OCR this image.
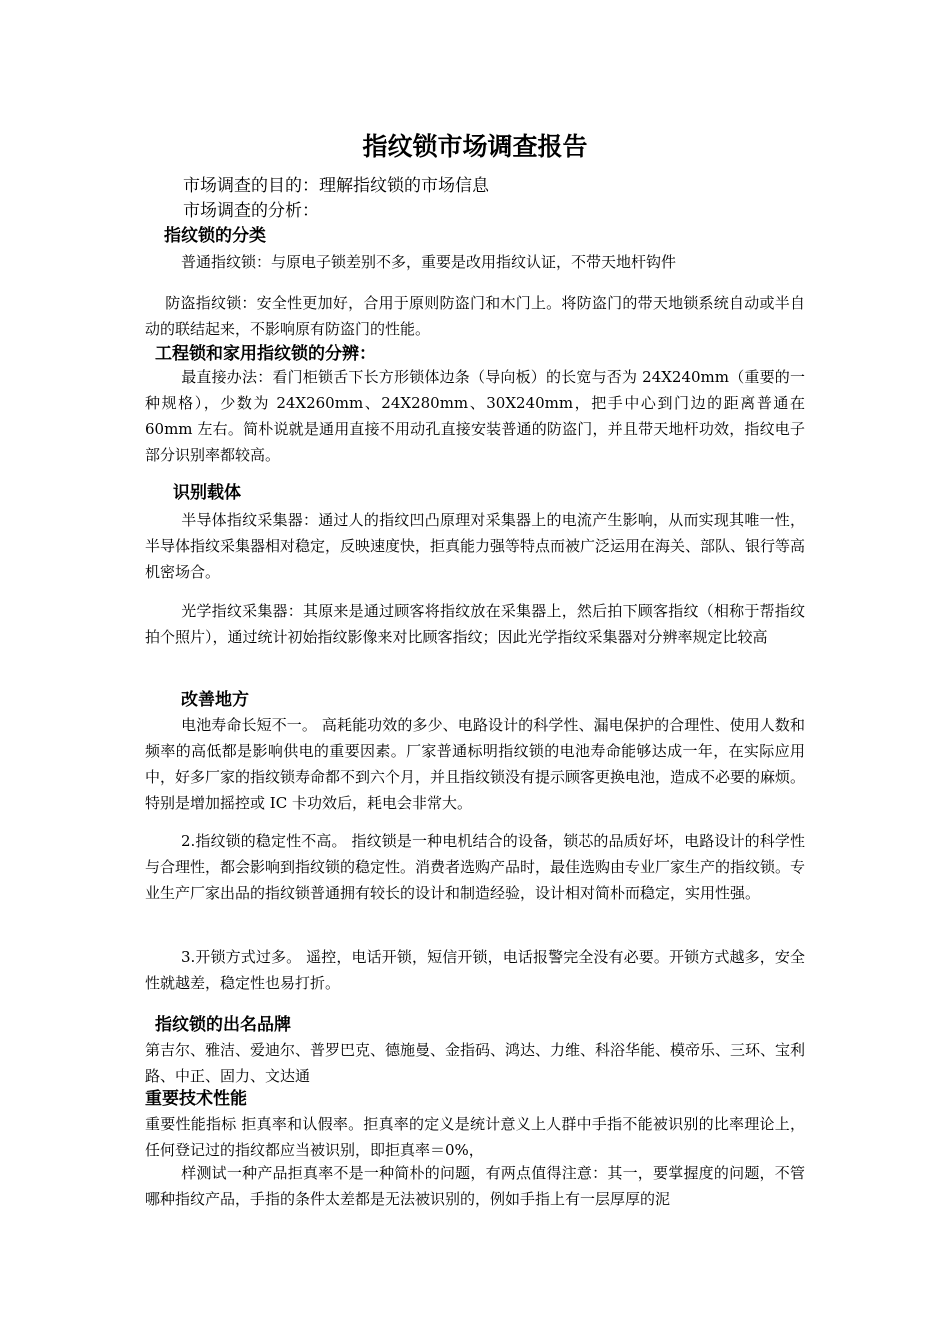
指纹锁市场调查报告
市场调查的目的：理解指纹锁的市场信息
市场调查的分析：
指纹锁的分类
普通指纹锁：与原电子锁差别不多，重要是改用指纹认证，不带天地杆钩件
防盗指纹锁：安全性更加好，合用于原则防盗门和木门上。将防盗门的带天地锁系统自动或半自动的联结起来，不影响原有防盗门的性能。
工程锁和家用指纹锁的分辨：
最直接办法：看门柜锁舌下长方形锁体边条（导向板）的长宽与否为 24X240mm（重要的一种规格），少数为 24X260mm、24X280mm、30X240mm，把手中心到门边的距离普通在 60mm 左右。简朴说就是通用直接不用动孔直接安装普通的防盗门，并且带天地杆功效，指纹电子部分识别率都较高。
识别载体
半导体指纹采集器：通过人的指纹凹凸原理对采集器上的电流产生影响，从而实现其唯一性，半导体指纹采集器相对稳定，反映速度快，拒真能力强等特点而被广泛运用在海关、部队、银行等高机密场合。
光学指纹采集器：其原来是通过顾客将指纹放在采集器上，然后拍下顾客指纹（相称于帮指纹拍个照片），通过统计初始指纹影像来对比顾客指纹；因此光学指纹采集器对分辨率规定比较高
改善地方
电池寿命长短不一。 高耗能功效的多少、电路设计的科学性、漏电保护的合理性、使用人数和频率的高低都是影响供电的重要因素。厂家普通标明指纹锁的电池寿命能够达成一年，在实际应用中，好多厂家的指纹锁寿命都不到六个月，并且指纹锁没有提示顾客更换电池，造成不必要的麻烦。特别是增加摇控或 IC 卡功效后，耗电会非常大。
2.指纹锁的稳定性不高。 指纹锁是一种电机结合的设备，锁芯的品质好坏，电路设计的科学性与合理性，都会影响到指纹锁的稳定性。消费者选购产品时，最佳选购由专业厂家生产的指纹锁。专业生产厂家出品的指纹锁普通拥有较长的设计和制造经验，设计相对简朴而稳定，实用性强。
3.开锁方式过多。 遥控，电话开锁，短信开锁，电话报警完全没有必要。开锁方式越多，安全性就越差，稳定性也易打折。
指纹锁的出名品牌
第吉尔、雅洁、爱迪尔、普罗巴克、德施曼、金指码、鸿达、力维、科浴华能、模帝乐、三环、宝利路、中正、固力、文达通
重要技术性能
重要性能指标 拒真率和认假率。拒真率的定义是统计意义上人群中手指不能被识别的比率理论上，任何登记过的指纹都应当被识别，即拒真率＝0%，
样测试一种产品拒真率不是一种简朴的问题，有两点值得注意：其一，要掌握度的问题，不管哪种指纹产品，手指的条件太差都是无法被识别的，例如手指上有一层厚厚的泥
